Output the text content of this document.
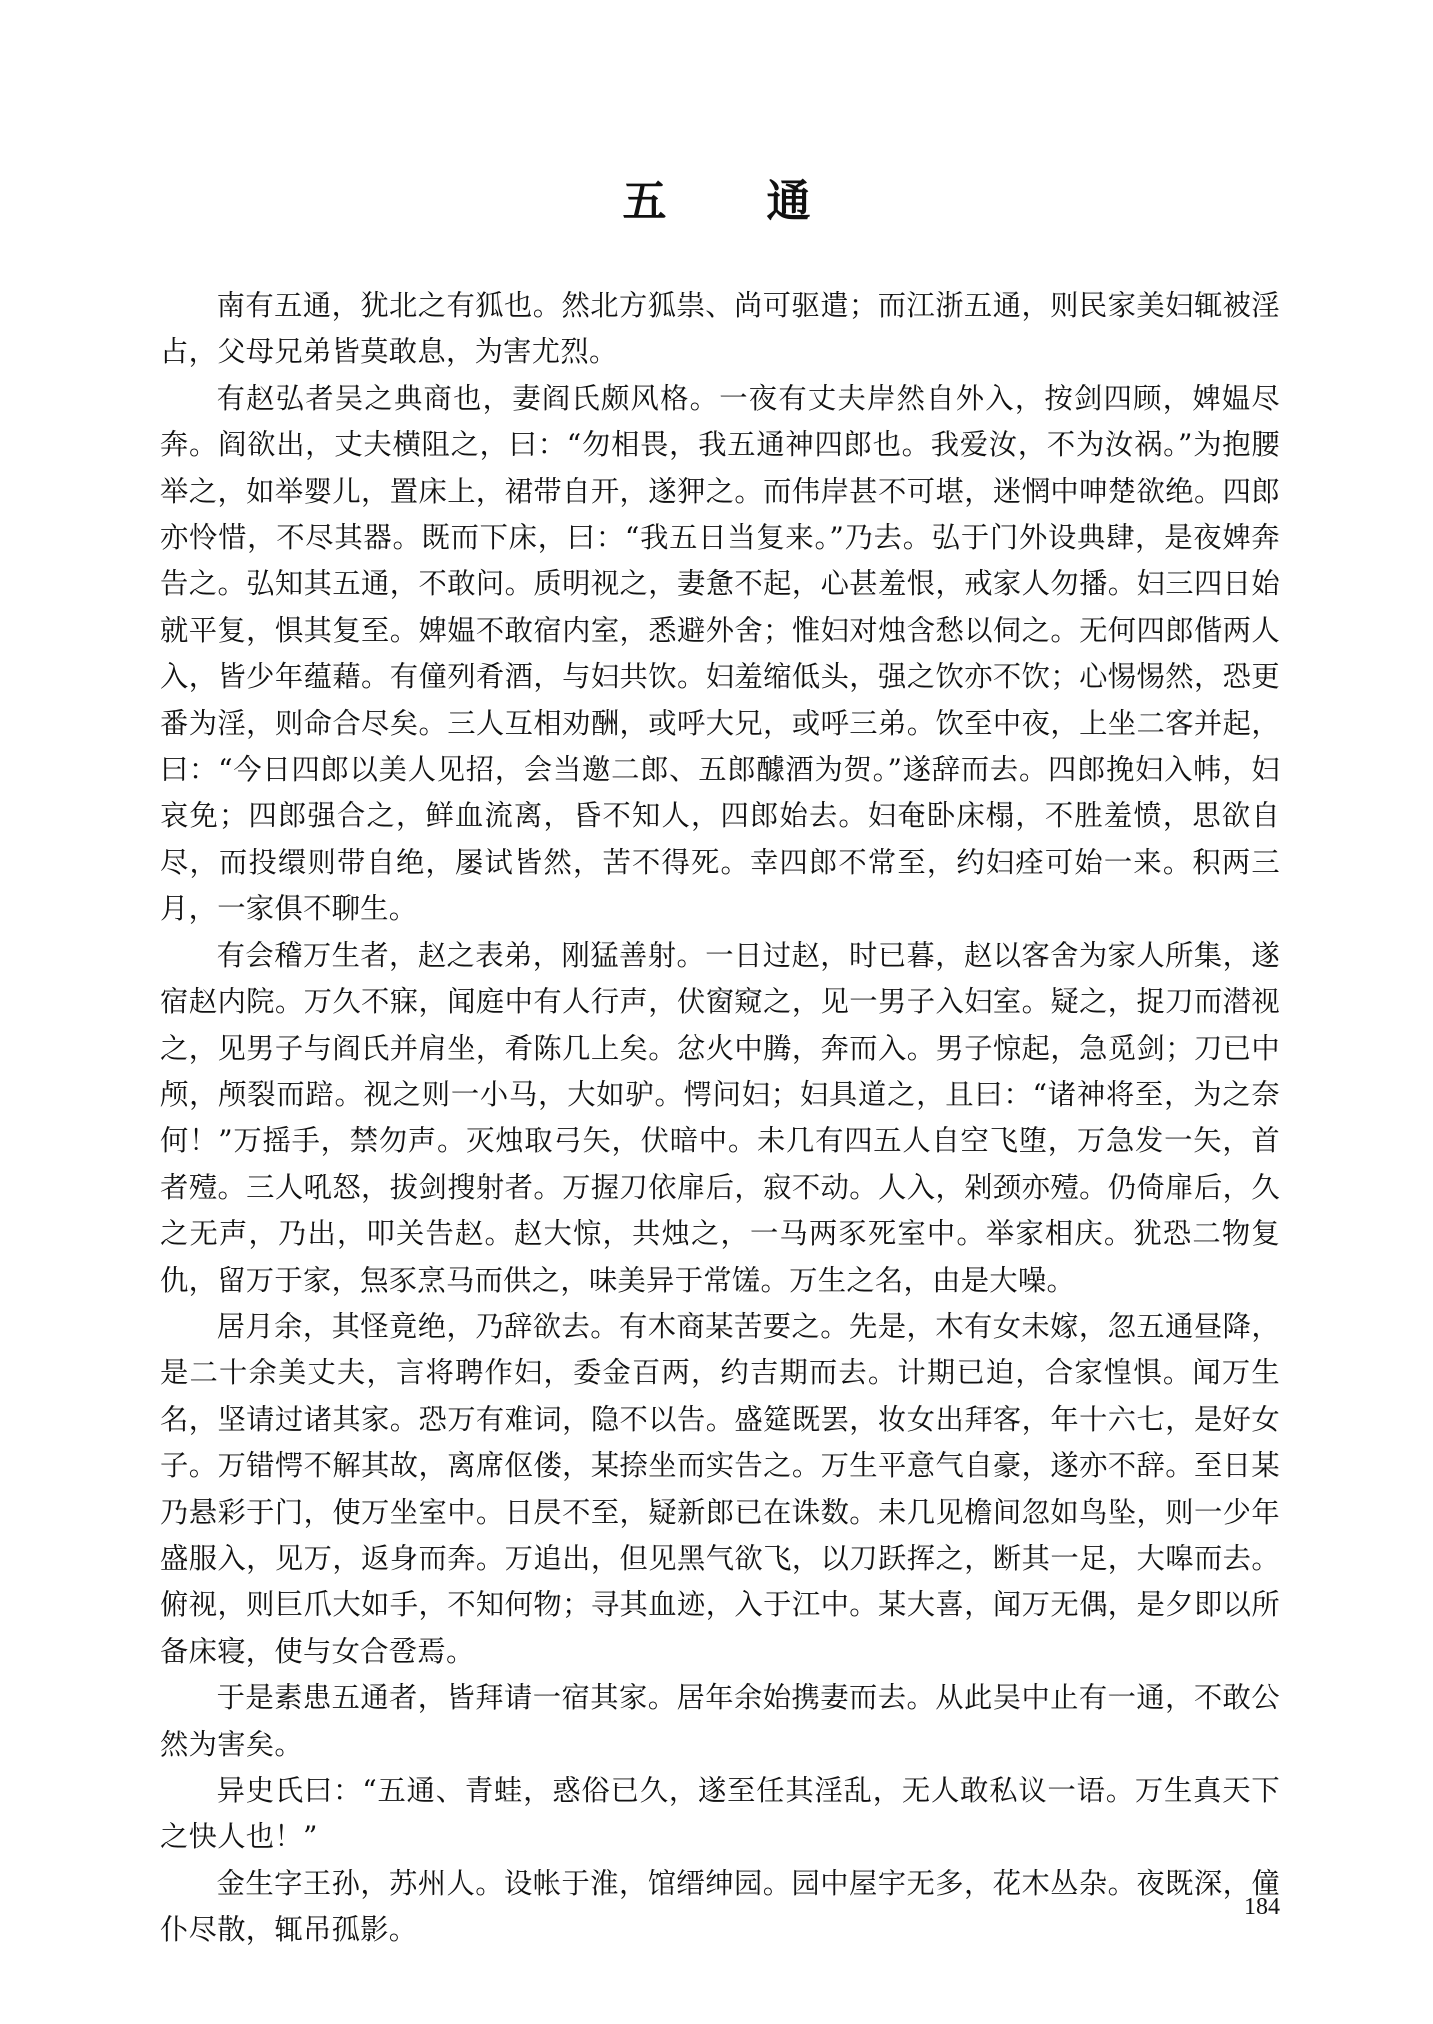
五　通

南有五通，犹北之有狐也。然北方狐祟、尚可驱遣；而江浙五通，则民家美妇辄被淫占，父母兄弟皆莫敢息，为害尤烈。

有赵弘者吴之典商也，妻阎氏颇风格。一夜有丈夫岸然自外入，按剑四顾，婢媪尽奔。阎欲出，丈夫横阻之，曰：“勿相畏，我五通神四郎也。我爱汝，不为汝祸。”为抱腰举之，如举婴儿，置床上，裙带自开，遂狎之。而伟岸甚不可堪，迷惘中呻楚欲绝。四郎亦怜惜，不尽其器。既而下床，曰：“我五日当复来。”乃去。弘于门外设典肆，是夜婢奔告之。弘知其五通，不敢问。质明视之，妻惫不起，心甚羞恨，戒家人勿播。妇三四日始就平复，惧其复至。婢媪不敢宿内室，悉避外舍；惟妇对烛含愁以伺之。无何四郎偕两人入，皆少年蕴藉。有僮列肴酒，与妇共饮。妇羞缩低头，强之饮亦不饮；心惕惕然，恐更番为淫，则命合尽矣。三人互相劝酬，或呼大兄，或呼三弟。饮至中夜，上坐二客并起，曰：“今日四郎以美人见招，会当邀二郎、五郎醵酒为贺。”遂辞而去。四郎挽妇入帏，妇哀免；四郎强合之，鲜血流离，昏不知人，四郎始去。妇奄卧床榻，不胜羞愤，思欲自尽，而投缳则带自绝，屡试皆然，苦不得死。幸四郎不常至，约妇痊可始一来。积两三月，一家俱不聊生。

有会稽万生者，赵之表弟，刚猛善射。一日过赵，时已暮，赵以客舍为家人所集，遂宿赵内院。万久不寐，闻庭中有人行声，伏窗窥之，见一男子入妇室。疑之，捉刀而潜视之，见男子与阎氏并肩坐，肴陈几上矣。忿火中腾，奔而入。男子惊起，急觅剑；刀已中颅，颅裂而踣。视之则一小马，大如驴。愕问妇；妇具道之，且曰：“诸神将至，为之奈何！”万摇手，禁勿声。灭烛取弓矢，伏暗中。未几有四五人自空飞堕，万急发一矢，首者殪。三人吼怒，拔剑搜射者。万握刀依扉后，寂不动。人入，剁颈亦殪。仍倚扉后，久之无声，乃出，叩关告赵。赵大惊，共烛之，一马两豕死室中。举家相庆。犹恐二物复仇，留万于家，炰豕烹马而供之，味美异于常馐。万生之名，由是大噪。

居月余，其怪竟绝，乃辞欲去。有木商某苦要之。先是，木有女未嫁，忽五通昼降，是二十余美丈夫，言将聘作妇，委金百两，约吉期而去。计期已迫，合家惶惧。闻万生名，坚请过诸其家。恐万有难词，隐不以告。盛筵既罢，妆女出拜客，年十六七，是好女子。万错愕不解其故，离席伛偻，某捺坐而实告之。万生平意气自豪，遂亦不辞。至日某乃悬彩于门，使万坐室中。日昃不至，疑新郎已在诛数。未几见檐间忽如鸟坠，则一少年盛服入，见万，返身而奔。万追出，但见黑气欲飞，以刀跃挥之，断其一足，大嗥而去。俯视，则巨爪大如手，不知何物；寻其血迹，入于江中。某大喜，闻万无偶，是夕即以所备床寝，使与女合卺焉。

于是素患五通者，皆拜请一宿其家。居年余始携妻而去。从此吴中止有一通，不敢公然为害矣。

异史氏曰：“五通、青蛙，惑俗已久，遂至任其淫乱，无人敢私议一语。万生真天下之快人也！”

金生字王孙，苏州人。设帐于淮，馆缙绅园。园中屋宇无多，花木丛杂。夜既深，僮仆尽散，辄吊孤影。

184
